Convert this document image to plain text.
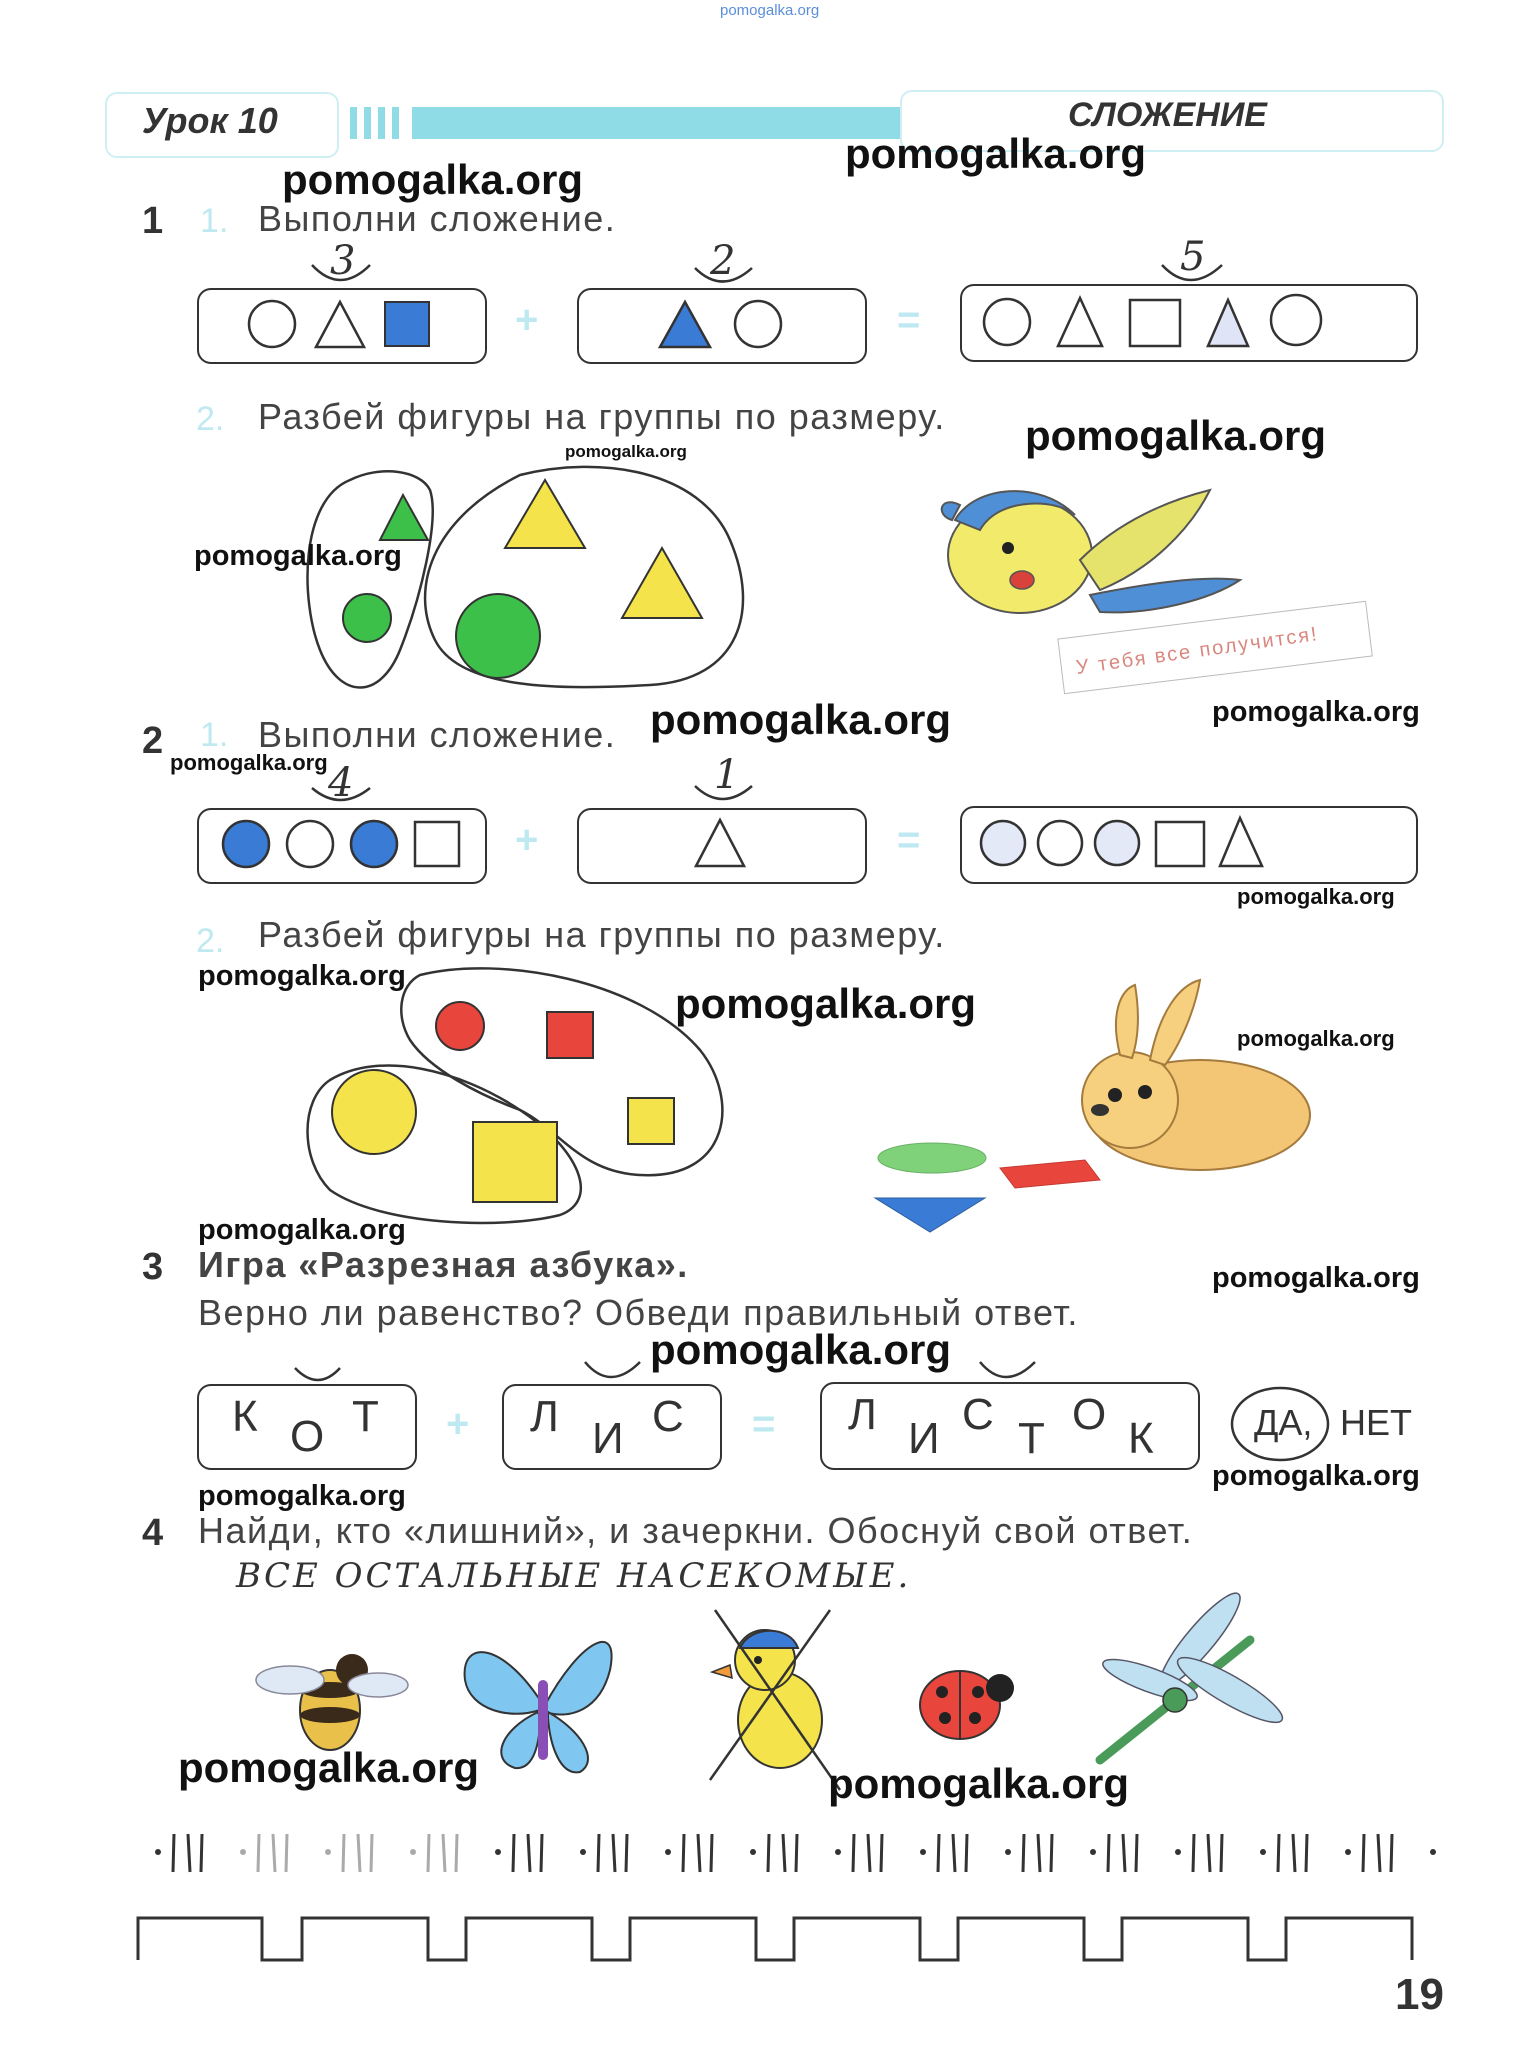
pomogalka.org
Урок 10	СЛОЖЕНИЕ
1 1. Выполни сложение.
3	2	5
+	=
2. Разбей фигуры на группы по размеру.
У тебя все получится!
2 1. Выполни сложение.
4	1
+	=
2. Разбей фигуры на группы по размеру.
3 Игра «Разрезная азбука».
Верно ли равенство? Обведи правильный ответ.
К О Т + Л И С = Л И С Т О К	ДА, НЕТ
4 Найди, кто «лишний», и зачеркни. Обоснуй свой ответ.
ВСЕ ОСТАЛЬНЫЕ НАСЕКОМЫЕ.
19
pomogalka.org
pomogalka.org
pomogalka.org
pomogalka.org
pomogalka.org
pomogalka.org	pomogalka.org
pomogalka.org
pomogalka.org
pomogalka.org
pomogalka.org
pomogalka.org
pomogalka.org
pomogalka.org
pomogalka.org
pomogalka.org
pomogalka.org
pomogalka.org	pomogalka.org
